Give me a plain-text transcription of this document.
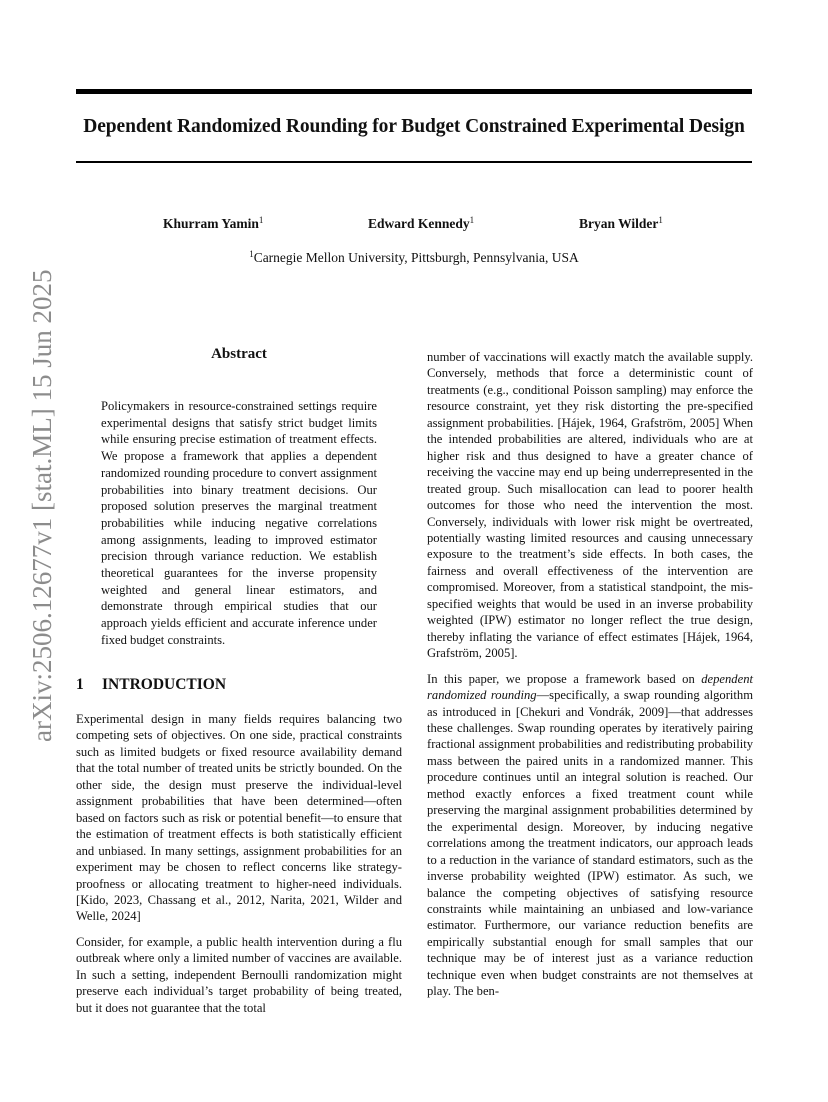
Dependent Randomized Rounding for Budget Constrained Experimental Design
Khurram Yamin$^1$	Edward Kennedy$^1$	Bryan Wilder$^1$
$^1$Carnegie Mellon University, Pittsburgh, Pennsylvania, USA
arXiv:2506.12677v1 [stat.ML] 15 Jun 2025	Abstract
Policymakers in resource-constrained settings require experimental designs that satisfy strict budget limits while ensuring precise estimation of treatment effects. We propose a framework that applies a dependent randomized rounding procedure to convert assignment probabilities into binary treatment decisions. Our proposed solution preserves the marginal treatment probabilities while inducing negative correlations among assignments, leading to improved estimator precision through variance reduction. We establish theoretical guarantees for the inverse propensity weighted and general linear estimators, and demonstrate through empirical studies that our approach yields efficient and accurate inference under fixed budget constraints.
1 INTRODUCTION

Experimental design in many fields requires balancing two competing sets of objectives. On one side, practical constraints such as limited budgets or fixed resource availability demand that the total number of treated units be strictly bounded. On the other side, the design must preserve the individual-level assignment probabilities that have been determined—often based on factors such as risk or potential benefit—to ensure that the estimation of treatment effects is both statistically efficient and unbiased. In many settings, assignment probabilities for an experiment may be chosen to reflect concerns like strategy-proofness or allocating treatment to higher-need individuals. [Kido, 2023, Chassang et al., 2012, Narita, 2021, Wilder and Welle, 2024]

Consider, for example, a public health intervention during a flu outbreak where only a limited number of vaccines are available. In such a setting, independent Bernoulli randomization might preserve each individual’s target probability of being treated, but it does not guarantee that the total

number of vaccinations will exactly match the available supply. Conversely, methods that force a deterministic count of treatments (e.g., conditional Poisson sampling) may enforce the resource constraint, yet they risk distorting the pre-specified assignment probabilities. [Hájek, 1964, Grafström, 2005] When the intended probabilities are altered, individuals who are at higher risk and thus designed to have a greater chance of receiving the vaccine may end up being underrepresented in the treated group. Such misallocation can lead to poorer health outcomes for those who need the intervention the most. Conversely, individuals with lower risk might be overtreated, potentially wasting limited resources and causing unnecessary exposure to the treatment’s side effects. In both cases, the fairness and overall effectiveness of the intervention are compromised. Moreover, from a statistical standpoint, the mis-specified weights that would be used in an inverse probability weighted (IPW) estimator no longer reflect the true design, thereby inflating the variance of effect estimates [Hájek, 1964, Grafström, 2005].

In this paper, we propose a framework based on dependent randomized rounding—specifically, a swap rounding algorithm as introduced in [Chekuri and Vondrák, 2009]—that addresses these challenges. Swap rounding operates by iteratively pairing fractional assignment probabilities and redistributing probability mass between the paired units in a randomized manner. This procedure continues until an integral solution is reached. Our method exactly enforces a fixed treatment count while preserving the marginal assignment probabilities determined by the experimental design. Moreover, by inducing negative correlations among the treatment indicators, our approach leads to a reduction in the variance of standard estimators, such as the inverse probability weighted (IPW) estimator. As such, we balance the competing objectives of satisfying resource constraints while maintaining an unbiased and low-variance estimator. Furthermore, our variance reduction benefits are empirically substantial enough for small samples that our technique may be of interest just as a variance reduction technique even when budget constraints are not themselves at play. The ben-
